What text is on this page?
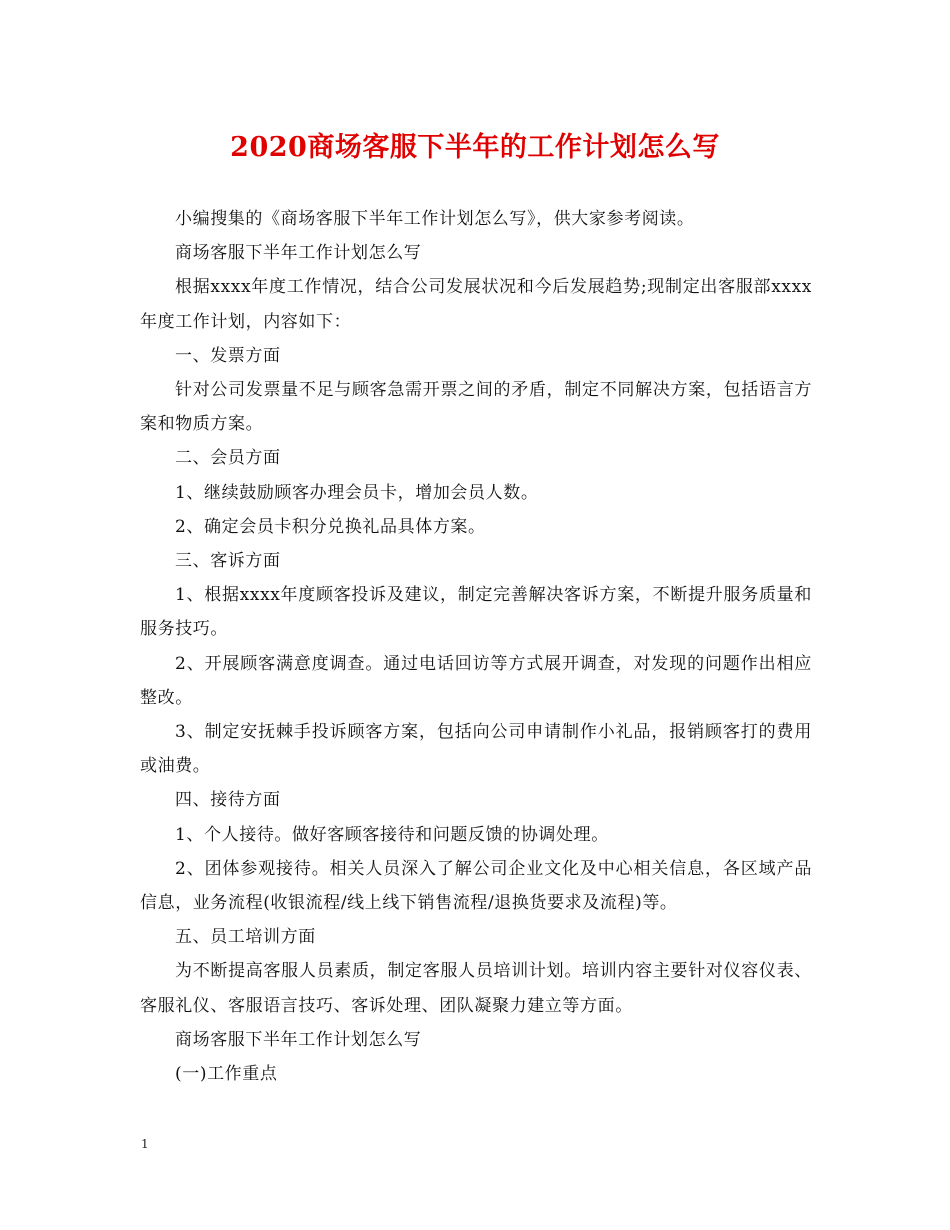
2020商场客服下半年的工作计划怎么写

小编搜集的《商场客服下半年工作计划怎么写》，供大家参考阅读。

商场客服下半年工作计划怎么写

根据xxxx年度工作情况，结合公司发展状况和今后发展趋势;现制定出客服部xxxx年度工作计划，内容如下：

一、发票方面

针对公司发票量不足与顾客急需开票之间的矛盾，制定不同解决方案，包括语言方案和物质方案。

二、会员方面

1、继续鼓励顾客办理会员卡，增加会员人数。

2、确定会员卡积分兑换礼品具体方案。

三、客诉方面

1、根据xxxx年度顾客投诉及建议，制定完善解决客诉方案，不断提升服务质量和服务技巧。

2、开展顾客满意度调查。通过电话回访等方式展开调查，对发现的问题作出相应整改。

3、制定安抚棘手投诉顾客方案，包括向公司申请制作小礼品，报销顾客打的费用或油费。

四、接待方面

1、个人接待。做好客顾客接待和问题反馈的协调处理。

2、团体参观接待。相关人员深入了解公司企业文化及中心相关信息，各区域产品信息，业务流程(收银流程/线上线下销售流程/退换货要求及流程)等。

五、员工培训方面

为不断提高客服人员素质，制定客服人员培训计划。培训内容主要针对仪容仪表、客服礼仪、客服语言技巧、客诉处理、团队凝聚力建立等方面。

商场客服下半年工作计划怎么写

(一)工作重点

1
